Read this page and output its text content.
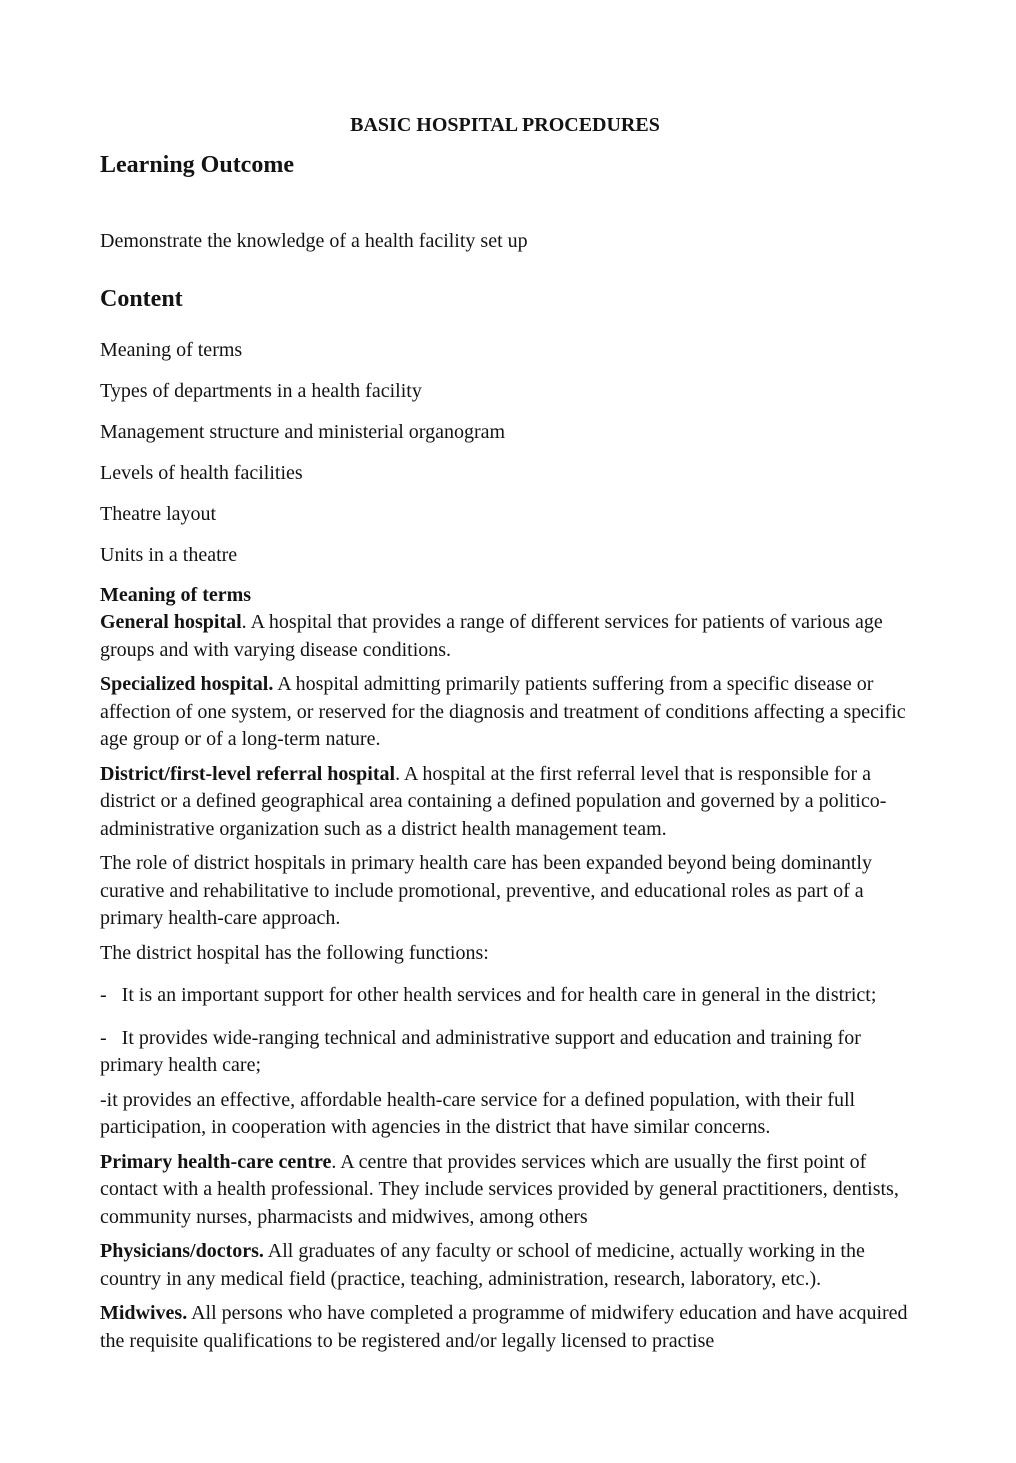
BASIC HOSPITAL PROCEDURES

Learning Outcome

Demonstrate the knowledge of a health facility set up

Content

Meaning of terms

Types of departments in a health facility

Management structure and ministerial organogram

Levels of health facilities

Theatre layout

Units in a theatre

Meaning of terms

General hospital. A hospital that provides a range of different services for patients of various age groups and with varying disease conditions.

Specialized hospital. A hospital admitting primarily patients suffering from a specific disease or affection of one system, or reserved for the diagnosis and treatment of conditions affecting a specific age group or of a long-term nature.

District/first-level referral hospital. A hospital at the first referral level that is responsible for a district or a defined geographical area containing a defined population and governed by a politico-administrative organization such as a district health management team.

The role of district hospitals in primary health care has been expanded beyond being dominantly curative and rehabilitative to include promotional, preventive, and educational roles as part of a primary health-care approach.

The district hospital has the following functions:

-   It is an important support for other health services and for health care in general in the district;

-   It provides wide-ranging technical and administrative support and education and training for primary health care;

-it provides an effective, affordable health-care service for a defined population, with their full participation, in cooperation with agencies in the district that have similar concerns.

Primary health-care centre. A centre that provides services which are usually the first point of contact with a health professional. They include services provided by general practitioners, dentists, community nurses, pharmacists and midwives, among others

Physicians/doctors. All graduates of any faculty or school of medicine, actually working in the country in any medical field (practice, teaching, administration, research, laboratory, etc.).

Midwives. All persons who have completed a programme of midwifery education and have acquired the requisite qualifications to be registered and/or legally licensed to practise
